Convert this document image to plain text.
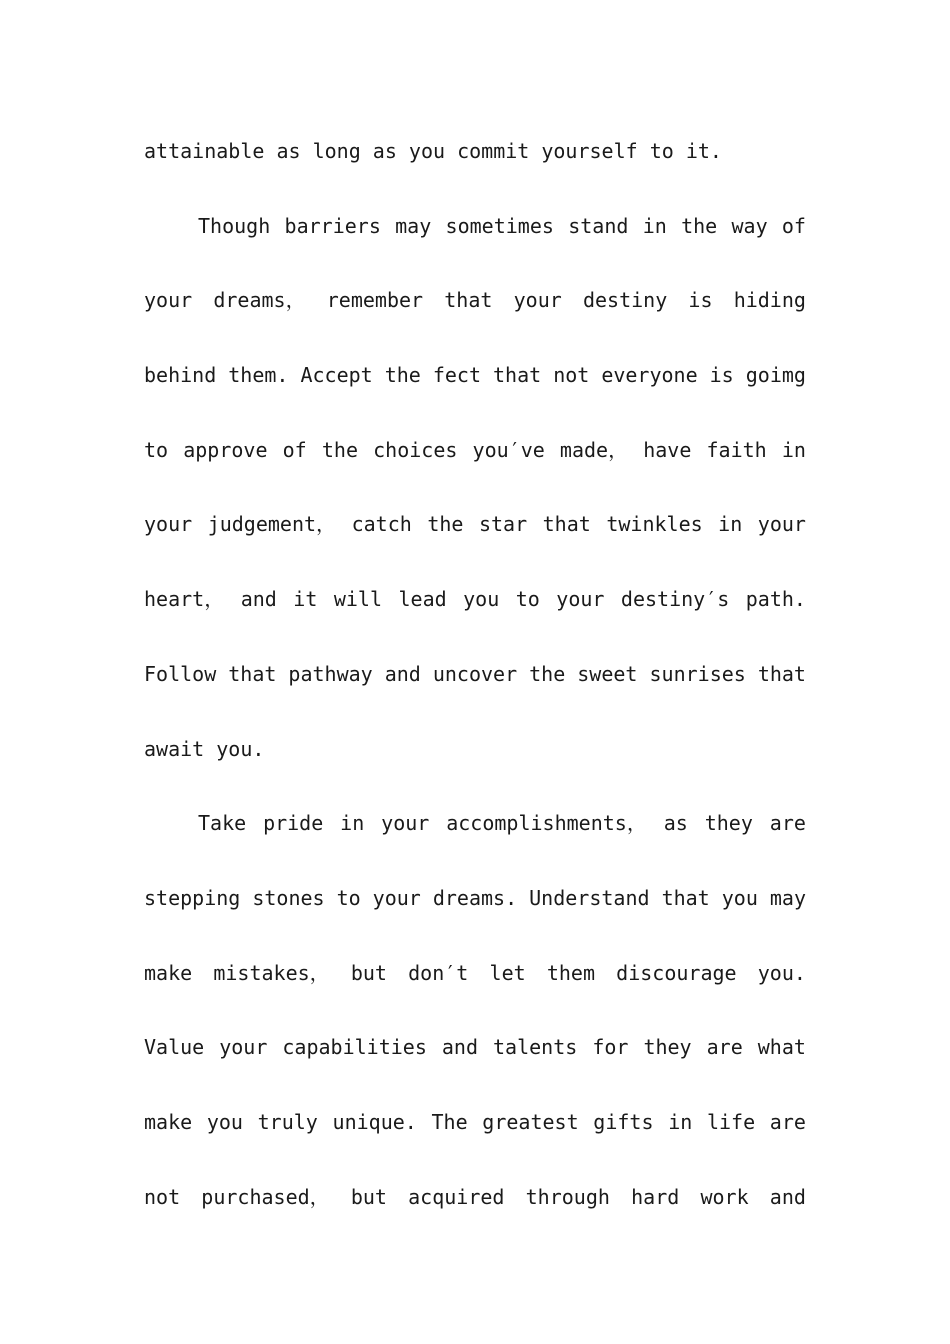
attainable as long as you commit yourself to it.
Though barriers may sometimes stand in the way of
your dreams， remember that your destiny is hiding
behind them. Accept the fect that not everyone is goimg
to approve of the choices you′ve made， have faith in
your judgement， catch the star that twinkles in your
heart， and it will lead you to your destiny′s path.
Follow that pathway and uncover the sweet sunrises that
await you.
Take pride in your accomplishments， as they are
stepping stones to your dreams. Understand that you may
make mistakes， but don′t let them discourage you.
Value your capabilities and talents for they are what
make you truly unique. The greatest gifts in life are
not purchased， but acquired through hard work and
